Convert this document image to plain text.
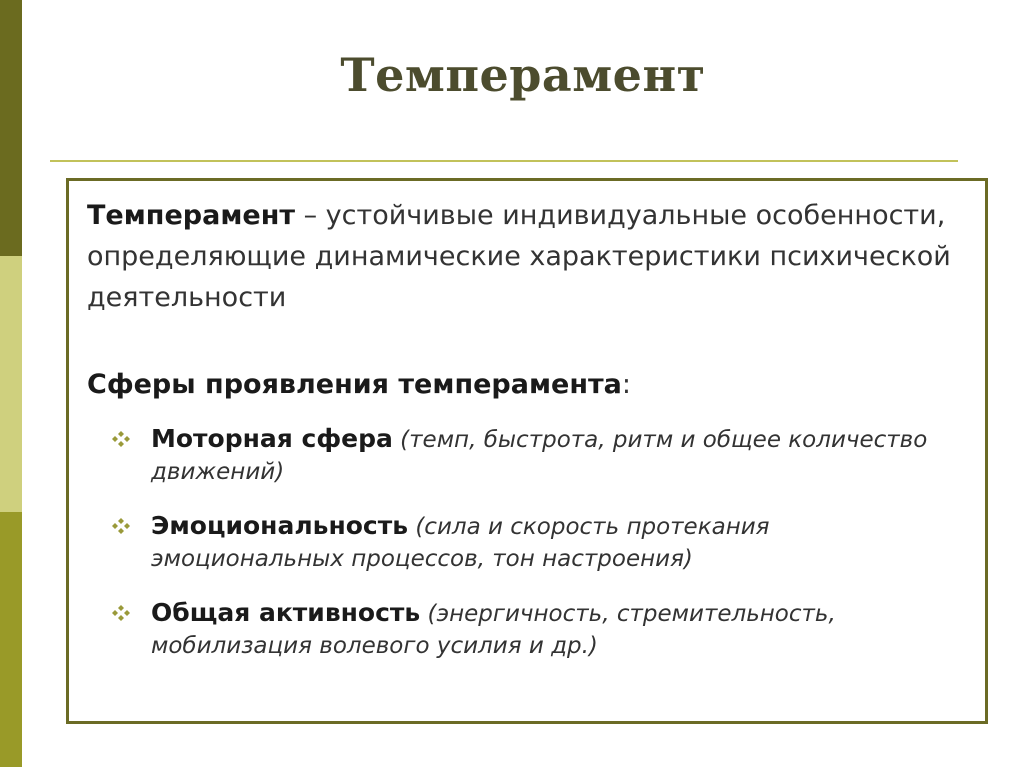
Темперамент
Темперамент – устойчивые индивидуальные особенности, определяющие динамические характеристики психической деятельности
Сферы проявления темперамента:
Моторная сфера (темп, быстрота, ритм и общее количество движений)
Эмоциональность (сила и скорость протекания эмоциональных процессов, тон настроения)
Общая активность (энергичность, стремительность, мобилизация волевого усилия и др.)
